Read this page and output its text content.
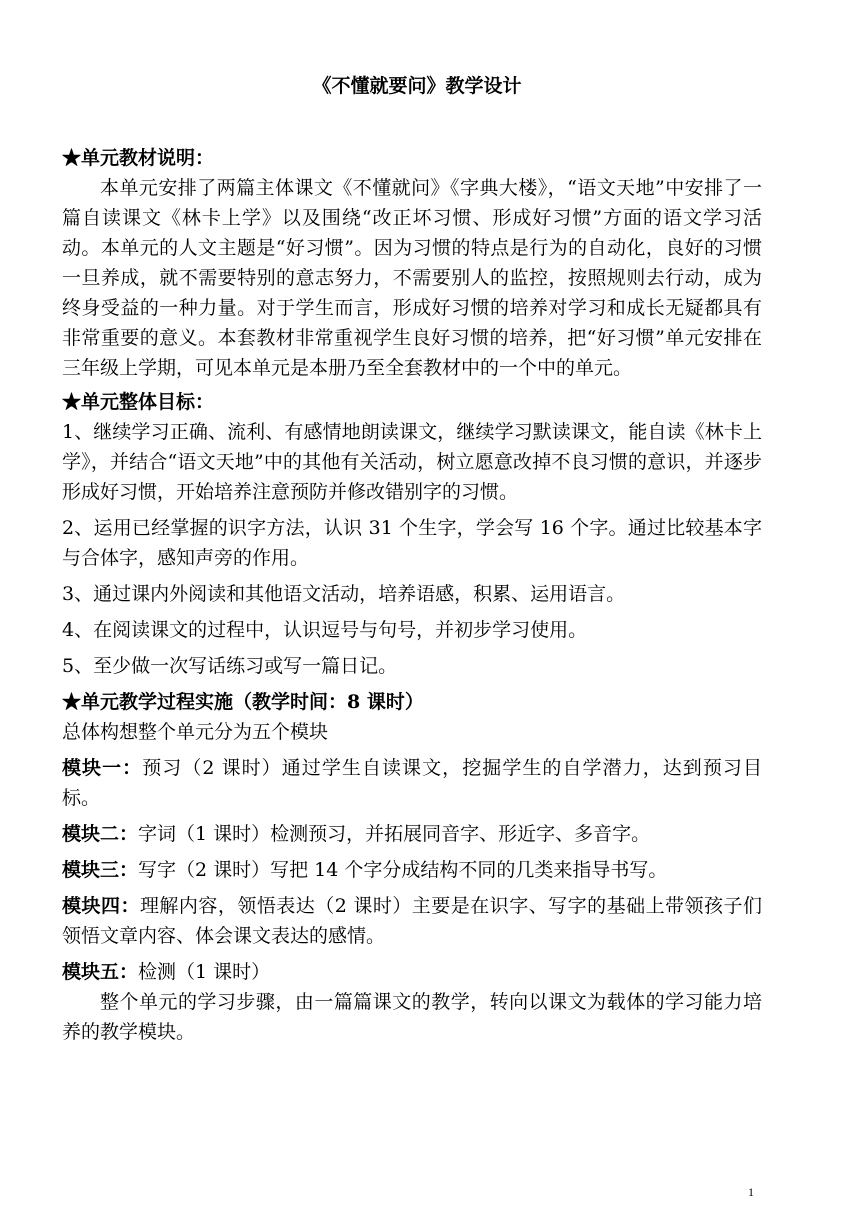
《不懂就要问》教学设计

★单元教材说明：

本单元安排了两篇主体课文《不懂就问》《字典大楼》，“语文天地”中安排了一篇自读课文《林卡上学》以及围绕“改正坏习惯、形成好习惯”方面的语文学习活动。本单元的人文主题是“好习惯”。因为习惯的特点是行为的自动化，良好的习惯一旦养成，就不需要特别的意志努力，不需要别人的监控，按照规则去行动，成为终身受益的一种力量。对于学生而言，形成好习惯的培养对学习和成长无疑都具有非常重要的意义。本套教材非常重视学生良好习惯的培养，把“好习惯”单元安排在三年级上学期，可见本单元是本册乃至全套教材中的一个中的单元。

★单元整体目标：

1、继续学习正确、流利、有感情地朗读课文，继续学习默读课文，能自读《林卡上学》，并结合“语文天地”中的其他有关活动，树立愿意改掉不良习惯的意识，并逐步形成好习惯，开始培养注意预防并修改错别字的习惯。

2、运用已经掌握的识字方法，认识 31 个生字，学会写 16 个字。通过比较基本字与合体字，感知声旁的作用。

3、通过课内外阅读和其他语文活动，培养语感，积累、运用语言。

4、在阅读课文的过程中，认识逗号与句号，并初步学习使用。

5、至少做一次写话练习或写一篇日记。

★单元教学过程实施（教学时间：8 课时）

总体构想整个单元分为五个模块

模块一：预习（2 课时）通过学生自读课文，挖掘学生的自学潜力，达到预习目标。

模块二：字词（1 课时）检测预习，并拓展同音字、形近字、多音字。

模块三：写字（2 课时）写把 14 个字分成结构不同的几类来指导书写。

模块四：理解内容，领悟表达（2 课时）主要是在识字、写字的基础上带领孩子们领悟文章内容、体会课文表达的感情。

模块五：检测（1 课时）

整个单元的学习步骤，由一篇篇课文的教学，转向以课文为载体的学习能力培养的教学模块。

1
